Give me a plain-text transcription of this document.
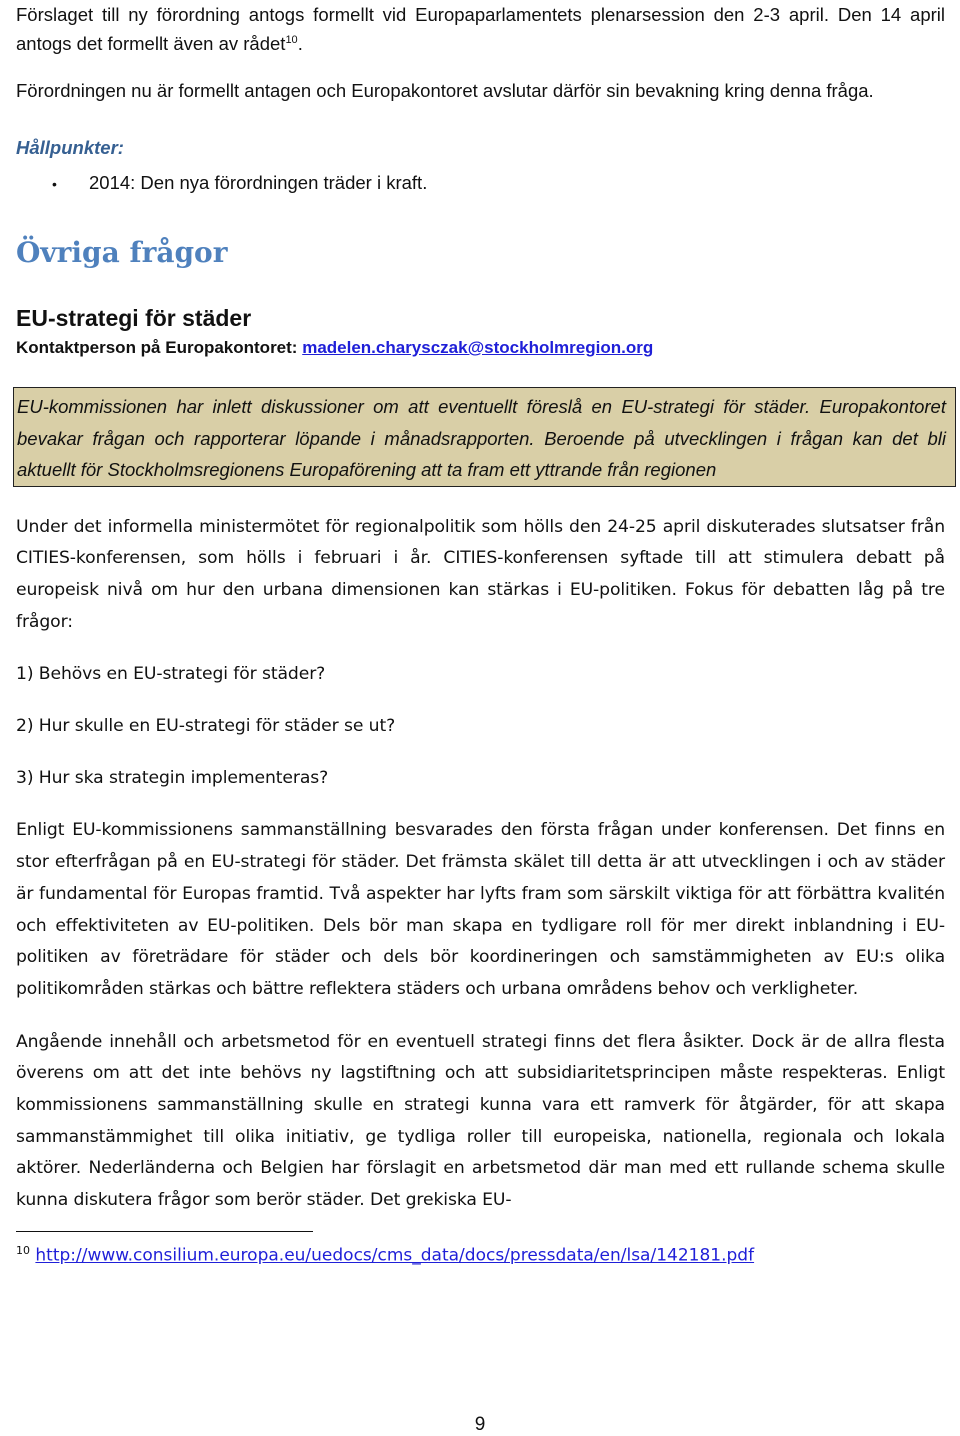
Förslaget till ny förordning antogs formellt vid Europaparlamentets plenarsession den 2-3 april. Den 14 april antogs det formellt även av rådet$^{10}$.

Förordningen nu är formellt antagen och Europakontoret avslutar därför sin bevakning kring denna fråga.

Hållpunkter:

•	2014: Den nya förordningen träder i kraft.
Övriga frågor
EU-strategi för städer

Kontaktperson på Europakontoret: madelen.charysczak@stockholmregion.org

EU-kommissionen har inlett diskussioner om att eventuellt föreslå en EU-strategi för städer. Europakontoret bevakar frågan och rapporterar löpande i månadsrapporten. Beroende på utvecklingen i frågan kan det bli aktuellt för Stockholmsregionens Europaförening att ta fram ett yttrande från regionen

Under det informella ministermötet för regionalpolitik som hölls den 24-25 april diskuterades slutsatser från CITIES-konferensen, som hölls i februari i år. CITIES-konferensen syftade till att stimulera debatt på europeisk nivå om hur den urbana dimensionen kan stärkas i EU-politiken. Fokus för debatten låg på tre frågor:

1) Behövs en EU-strategi för städer?

2) Hur skulle en EU-strategi för städer se ut?

3) Hur ska strategin implementeras?

Enligt EU-kommissionens sammanställning besvarades den första frågan under konferensen. Det finns en stor efterfrågan på en EU-strategi för städer. Det främsta skälet till detta är att utvecklingen i och av städer är fundamental för Europas framtid. Två aspekter har lyfts fram som särskilt viktiga för att förbättra kvalitén och effektiviteten av EU-politiken. Dels bör man skapa en tydligare roll för mer direkt inblandning i EU-politiken av företrädare för städer och dels bör koordineringen och samstämmigheten av EU:s olika politikområden stärkas och bättre reflektera städers och urbana områdens behov och verkligheter.

Angående innehåll och arbetsmetod för en eventuell strategi finns det flera åsikter. Dock är de allra flesta överens om att det inte behövs ny lagstiftning och att subsidiaritetsprincipen måste respekteras. Enligt kommissionens sammanställning skulle en strategi kunna vara ett ramverk för åtgärder, för att skapa sammanstämmighet till olika initiativ, ge tydliga roller till europeiska, nationella, regionala och lokala aktörer. Nederländerna och Belgien har förslagit en arbetsmetod där man med ett rullande schema skulle kunna diskutera frågor som berör städer. Det grekiska EU-

$^{10}$ http://www.consilium.europa.eu/uedocs/cms_data/docs/pressdata/en/lsa/142181.pdf

9
